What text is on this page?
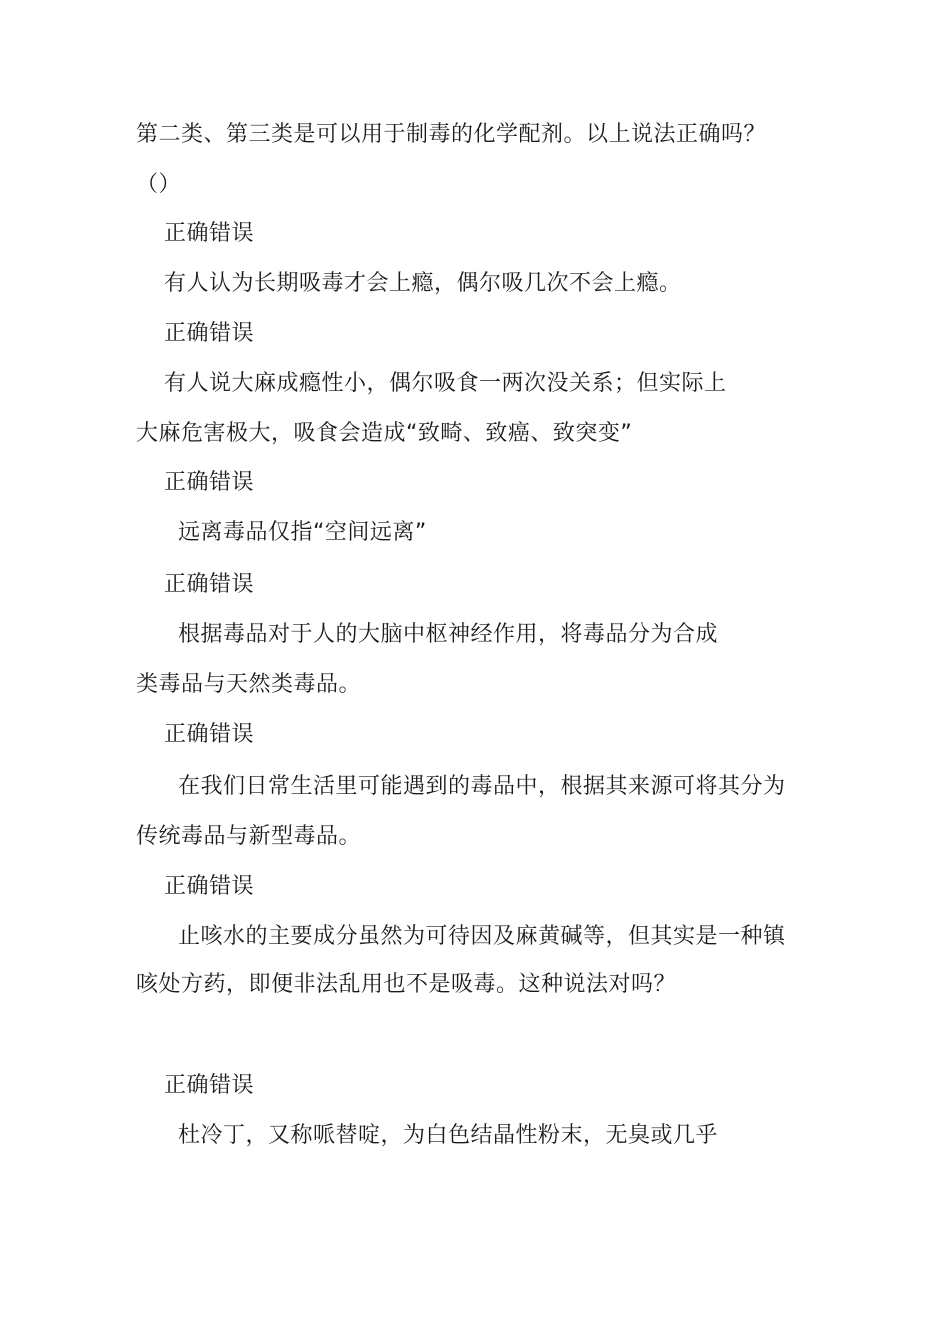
第二类、第三类是可以用于制毒的化学配剂。以上说法正确吗？
（）
正确错误
有人认为长期吸毒才会上瘾，偶尔吸几次不会上瘾。
正确错误
有人说大麻成瘾性小，偶尔吸食一两次没关系；但实际上
大麻危害极大，吸食会造成“致畸、致癌、致突变”
正确错误
远离毒品仅指“空间远离”
正确错误
根据毒品对于人的大脑中枢神经作用，将毒品分为合成
类毒品与天然类毒品。
正确错误
在我们日常生活里可能遇到的毒品中，根据其来源可将其分为
传统毒品与新型毒品。
正确错误
止咳水的主要成分虽然为可待因及麻黄碱等，但其实是一种镇
咳处方药，即便非法乱用也不是吸毒。这种说法对吗？
正确错误
杜冷丁，又称哌替啶，为白色结晶性粉末，无臭或几乎
